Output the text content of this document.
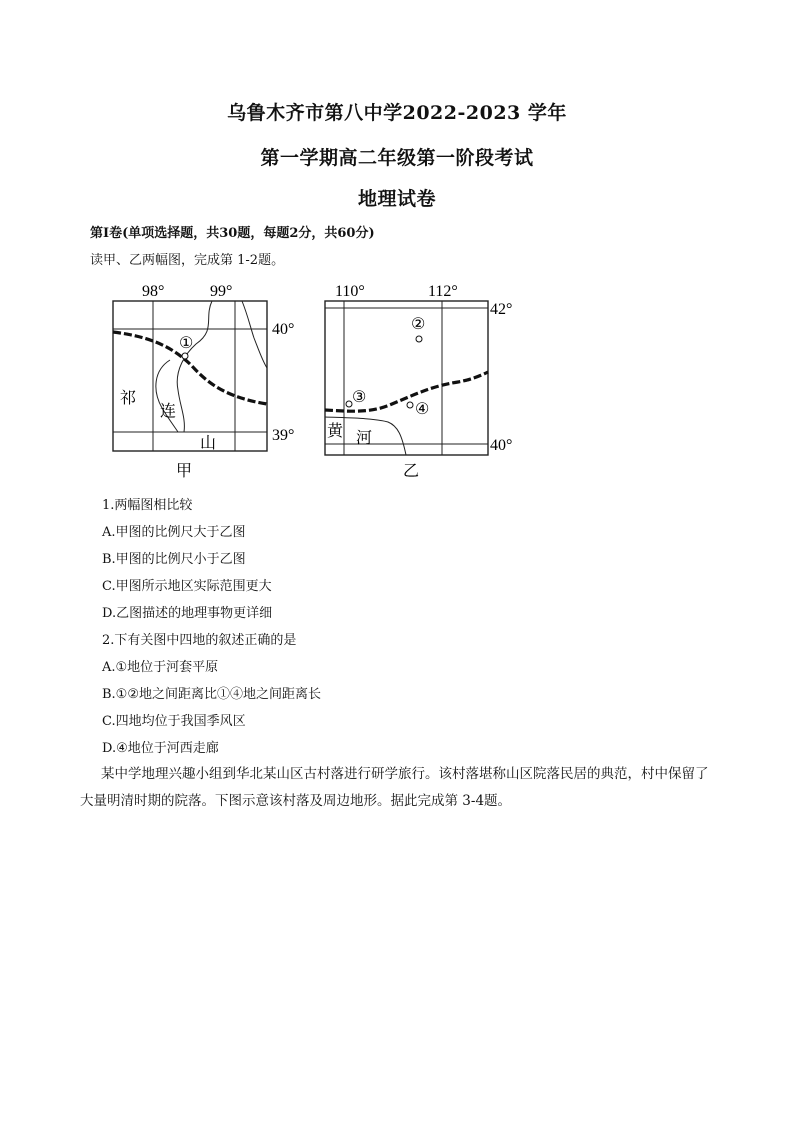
乌鲁木齐市第八中学2022-2023 学年
第一学期高二年级第一阶段考试
地理试卷
第Ⅰ卷(单项选择题，共30题，每题2分，共60分)
读甲、乙两幅图，完成第 1-2题。
98°	99°
40°
39°
①
祁
连
山
甲
110°	112°
42°
40°
②
③
④
黄 河
乙
1.两幅图相比较
A.甲图的比例尺大于乙图
B.甲图的比例尺小于乙图
C.甲图所示地区实际范围更大
D.乙图描述的地理事物更详细
2.下有关图中四地的叙述正确的是
A.①地位于河套平原
B.①②地之间距离比①④地之间距离长
C.四地均位于我国季风区
D.④地位于河西走廊
某中学地理兴趣小组到华北某山区古村落进行研学旅行。该村落堪称山区院落民居的典范，村中保留了大量明清时期的院落。下图示意该村落及周边地形。据此完成第 3-4题。
